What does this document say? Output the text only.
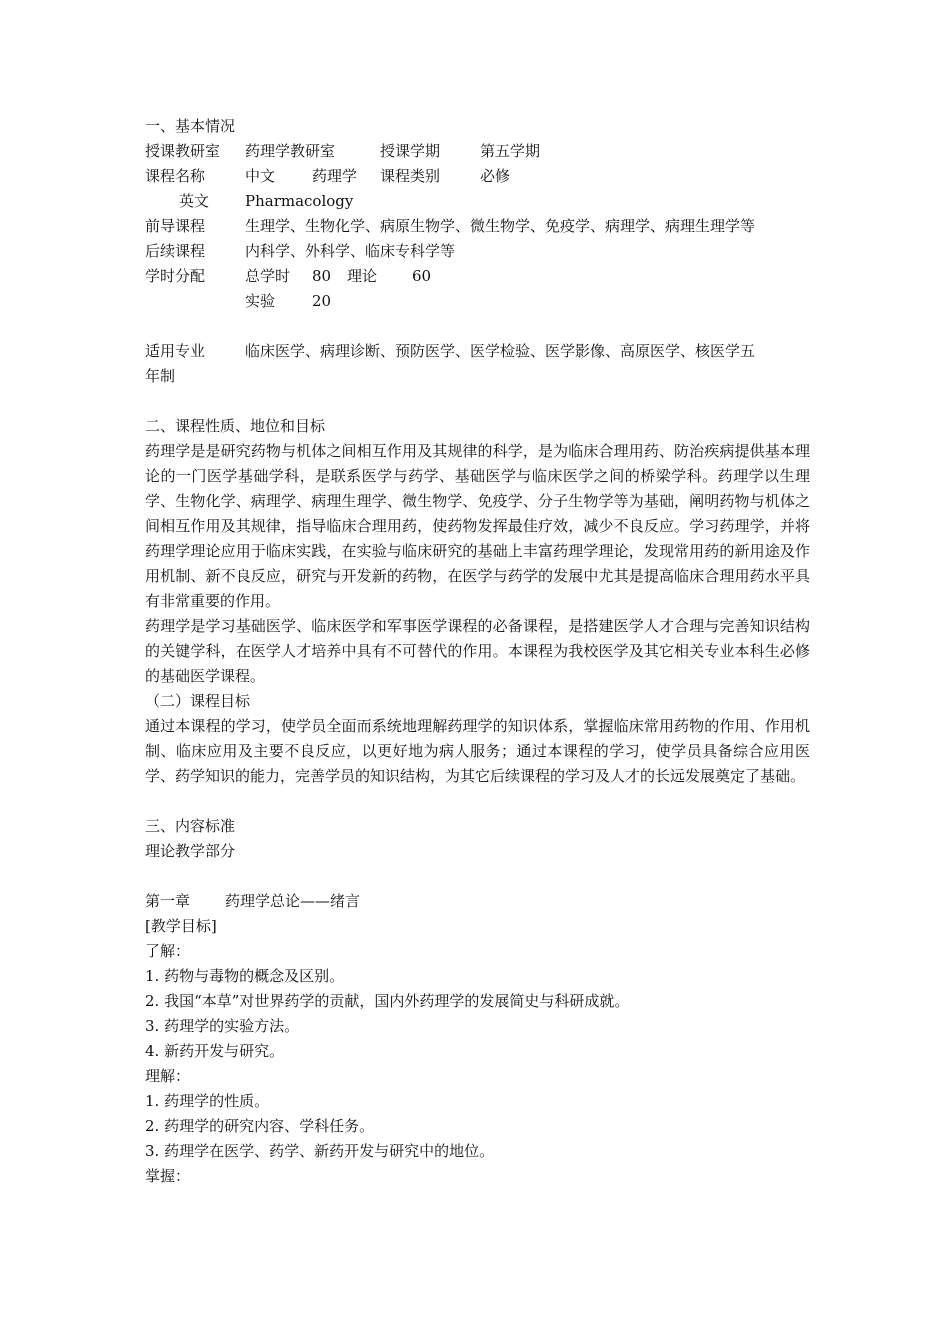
一、基本情况
授课教研室	药理学教研室	授课学期	第五学期
课程名称	中文	药理学	课程类别	必修
英文	Pharmacology
前导课程	生理学、生物化学、病原生物学、微生物学、免疫学、病理学、病理生理学等
后续课程	内科学、外科学、临床专科学等
学时分配	总学时	80	理论	60
实验	20
适用专业	临床医学、病理诊断、预防医学、医学检验、医学影像、高原医学、核医学五
年制
二、课程性质、地位和目标
药理学是是研究药物与机体之间相互作用及其规律的科学，是为临床合理用药、防治疾病提供基本理论的一门医学基础学科，是联系医学与药学、基础医学与临床医学之间的桥梁学科。药理学以生理学、生物化学、病理学、病理生理学、微生物学、免疫学、分子生物学等为基础，阐明药物与机体之间相互作用及其规律，指导临床合理用药，使药物发挥最佳疗效，减少不良反应。学习药理学，并将药理学理论应用于临床实践，在实验与临床研究的基础上丰富药理学理论，发现常用药的新用途及作用机制、新不良反应，研究与开发新的药物，在医学与药学的发展中尤其是提高临床合理用药水平具有非常重要的作用。
药理学是学习基础医学、临床医学和军事医学课程的必备课程，是搭建医学人才合理与完善知识结构的关键学科，在医学人才培养中具有不可替代的作用。本课程为我校医学及其它相关专业本科生必修的基础医学课程。
（二）课程目标
通过本课程的学习，使学员全面而系统地理解药理学的知识体系，掌握临床常用药物的作用、作用机制、临床应用及主要不良反应，以更好地为病人服务；通过本课程的学习，使学员具备综合应用医学、药学知识的能力，完善学员的知识结构，为其它后续课程的学习及人才的长远发展奠定了基础。
三、内容标准
理论教学部分
第一章	药理学总论——绪言
[教学目标]
了解：
1. 药物与毒物的概念及区别。
2. 我国“本草”对世界药学的贡献，国内外药理学的发展简史与科研成就。
3. 药理学的实验方法。
4. 新药开发与研究。
理解：
1. 药理学的性质。
2. 药理学的研究内容、学科任务。
3. 药理学在医学、药学、新药开发与研究中的地位。
掌握：
